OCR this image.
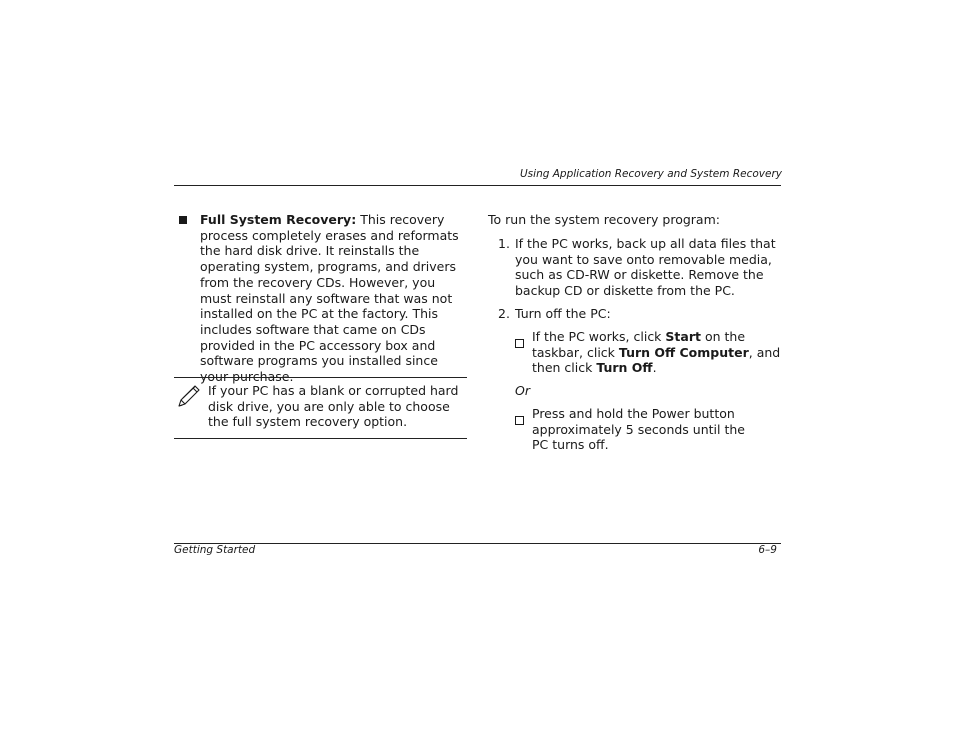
Using Application Recovery and System Recovery
Full System Recovery: This recovery process completely erases and reformats the hard disk drive. It reinstalls the operating system, programs, and drivers from the recovery CDs. However, you must reinstall any software that was not installed on the PC at the factory. This includes software that came on CDs provided in the PC accessory box and software programs you installed since your purchase.
If your PC has a blank or corrupted hard disk drive, you are only able to choose the full system recovery option.
To run the system recovery program:
1. If the PC works, back up all data files that you want to save onto removable media, such as CD-RW or diskette. Remove the backup CD or diskette from the PC.
2. Turn off the PC:
If the PC works, click Start on the taskbar, click Turn Off Computer, and then click Turn Off.
Or
Press and hold the Power button approximately 5 seconds until the PC turns off.
Getting Started	6–9
